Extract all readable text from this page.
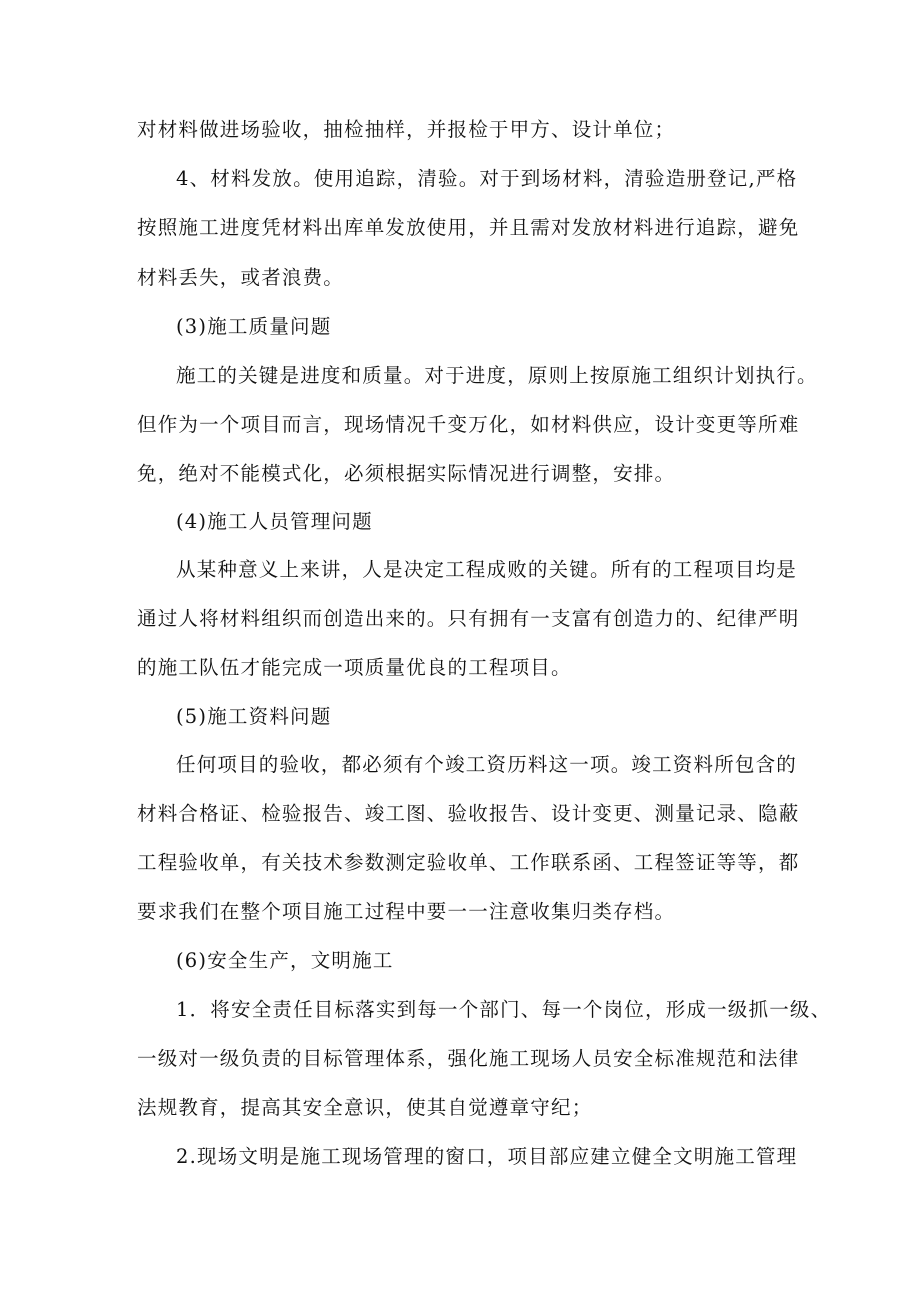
对材料做进场验收，抽检抽样，并报检于甲方、设计单位；
4、材料发放。使用追踪，清验。对于到场材料，清验造册登记,严格
按照施工进度凭材料出库单发放使用，并且需对发放材料进行追踪，避免
材料丢失，或者浪费。
(3)施工质量问题
施工的关键是进度和质量。对于进度，原则上按原施工组织计划执行。
但作为一个项目而言，现场情况千变万化，如材料供应，设计变更等所难
免，绝对不能模式化，必须根据实际情况进行调整，安排。
(4)施工人员管理问题
从某种意义上来讲，人是决定工程成败的关键。所有的工程项目均是
通过人将材料组织而创造出来的。只有拥有一支富有创造力的、纪律严明
的施工队伍才能完成一项质量优良的工程项目。
(5)施工资料问题
任何项目的验收，都必须有个竣工资历料这一项。竣工资料所包含的
材料合格证、检验报告、竣工图、验收报告、设计变更、测量记录、隐蔽
工程验收单，有关技术参数测定验收单、工作联系函、工程签证等等，都
要求我们在整个项目施工过程中要一一注意收集归类存档。
(6)安全生产，文明施工
1．将安全责任目标落实到每一个部门、每一个岗位，形成一级抓一级、
一级对一级负责的目标管理体系，强化施工现场人员安全标准规范和法律
法规教育，提高其安全意识，使其自觉遵章守纪；
2.现场文明是施工现场管理的窗口，项目部应建立健全文明施工管理
